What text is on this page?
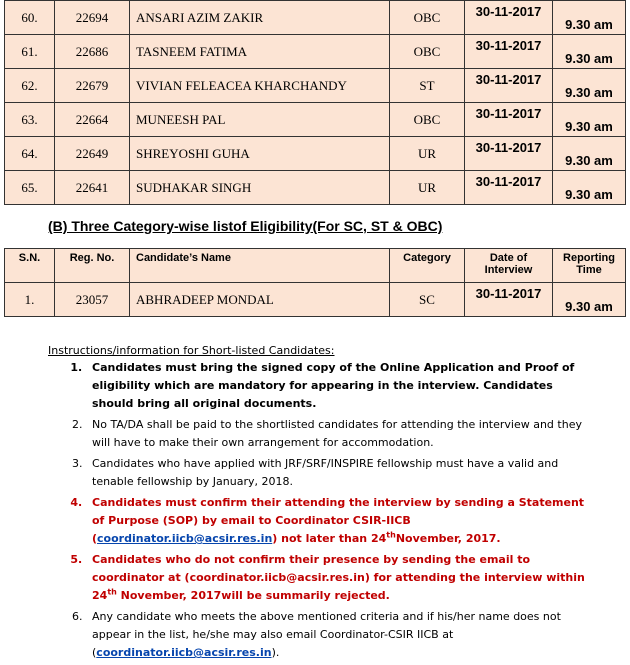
60.	22694	ANSARI AZIM ZAKIR	OBC	30-11-2017	9.30 am
61.	22686	TASNEEM FATIMA	OBC	30-11-2017	9.30 am
62.	22679	VIVIAN FELEACEA KHARCHANDY	ST	30-11-2017	9.30 am
63.	22664	MUNEESH PAL	OBC	30-11-2017	9.30 am
64.	22649	SHREYOSHI GUHA	UR	30-11-2017	9.30 am
65.	22641	SUDHAKAR SINGH	UR	30-11-2017	9.30 am
(B) Three Category-wise listof Eligibility(For SC, ST & OBC)
S.N.	Reg. No.	Candidate’s Name	Category	Date of Interview	Reporting Time
1.	23057	ABHRADEEP MONDAL	SC	30-11-2017	9.30 am

Instructions/information for Short-listed Candidates:

1. Candidates must bring the signed copy of the Online Application and Proof of eligibility which are mandatory for appearing in the interview. Candidates should bring all original documents.
2. No TA/DA shall be paid to the shortlisted candidates for attending the interview and they will have to make their own arrangement for accommodation.
3. Candidates who have applied with JRF/SRF/INSPIRE fellowship must have a valid and tenable fellowship by January, 2018.
4. Candidates must confirm their attending the interview by sending a Statement of Purpose (SOP) by email to Coordinator CSIR-IICB (coordinator.iicb@acsir.res.in) not later than 24thNovember, 2017.
5. Candidates who do not confirm their presence by sending the email to coordinator at (coordinator.iicb@acsir.res.in) for attending the interview within 24th November, 2017will be summarily rejected.
6. Any candidate who meets the above mentioned criteria and if his/her name does not appear in the list, he/she may also email Coordinator-CSIR IICB at (coordinator.iicb@acsir.res.in).
